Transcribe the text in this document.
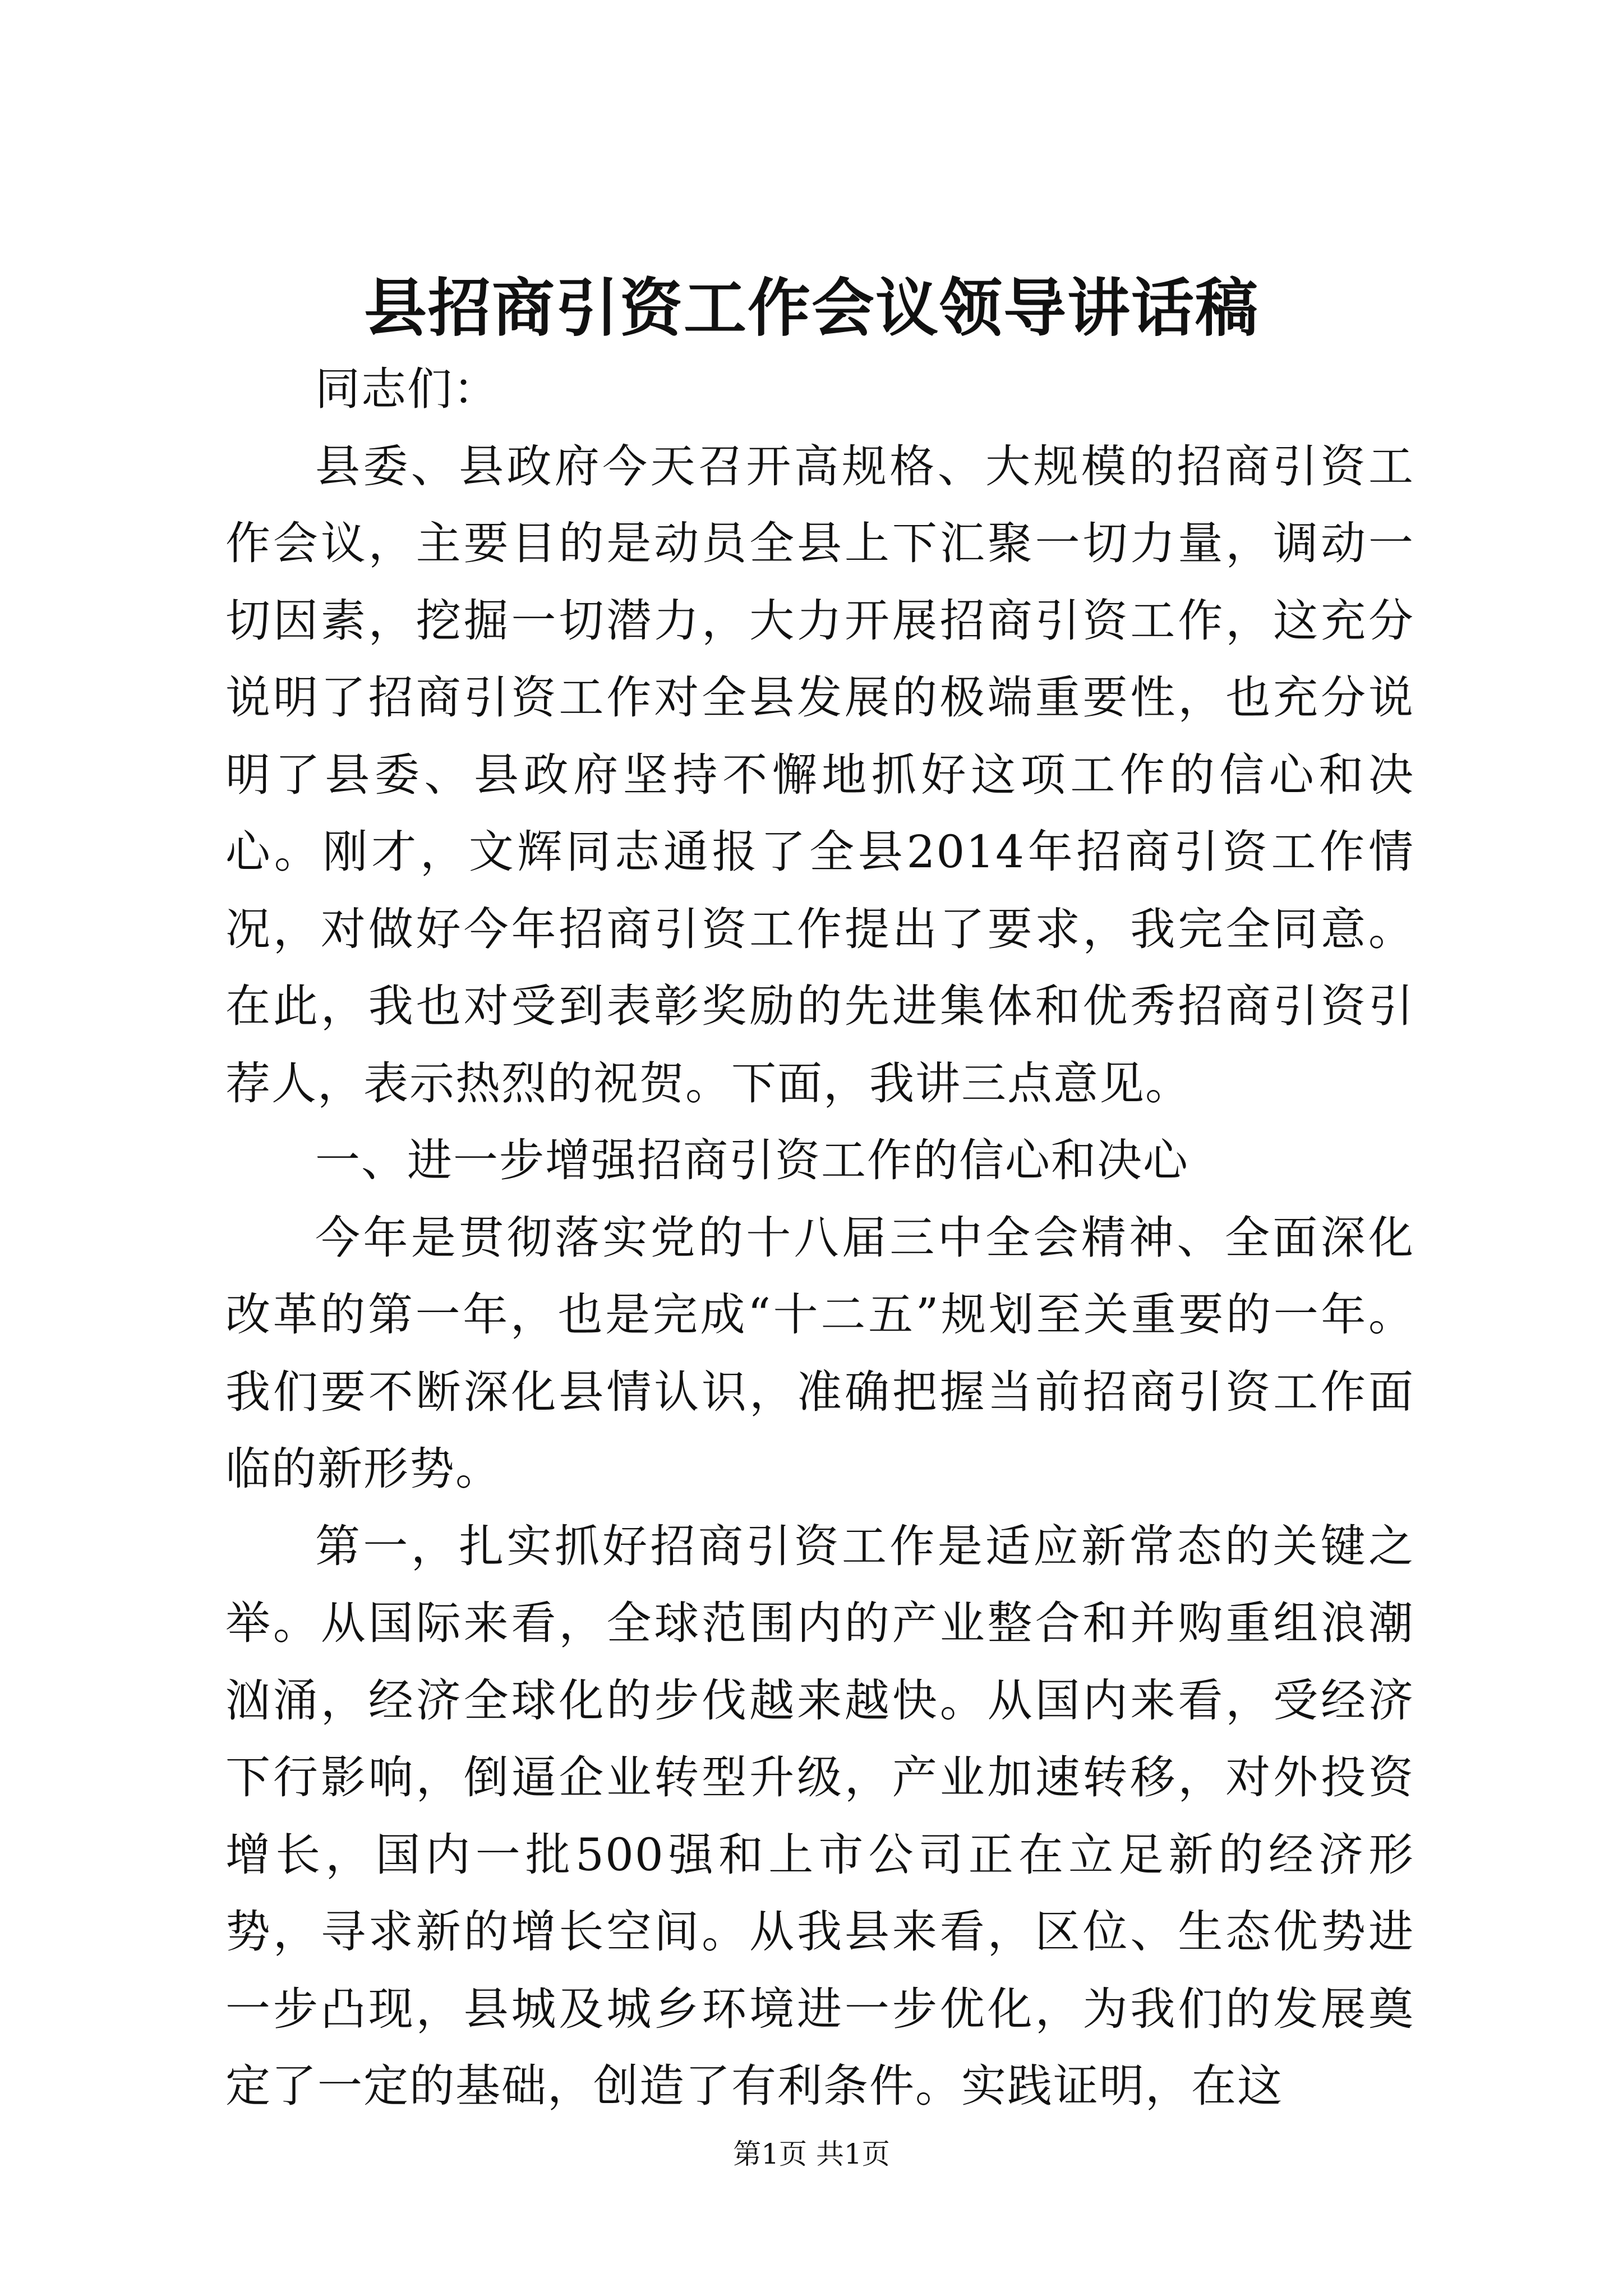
县招商引资工作会议领导讲话稿

同志们：

县委、县政府今天召开高规格、大规模的招商引资工作会议，主要目的是动员全县上下汇聚一切力量，调动一切因素，挖掘一切潜力，大力开展招商引资工作，这充分说明了招商引资工作对全县发展的极端重要性，也充分说明了县委、县政府坚持不懈地抓好这项工作的信心和决心。刚才，文辉同志通报了全县2014年招商引资工作情况，对做好今年招商引资工作提出了要求，我完全同意。在此，我也对受到表彰奖励的先进集体和优秀招商引资引荐人，表示热烈的祝贺。下面，我讲三点意见。

一、进一步增强招商引资工作的信心和决心

今年是贯彻落实党的十八届三中全会精神、全面深化改革的第一年，也是完成“十二五”规划至关重要的一年。我们要不断深化县情认识，准确把握当前招商引资工作面临的新形势。

第一，扎实抓好招商引资工作是适应新常态的关键之举。从国际来看，全球范围内的产业整合和并购重组浪潮汹涌，经济全球化的步伐越来越快。从国内来看，受经济下行影响，倒逼企业转型升级，产业加速转移，对外投资增长，国内一批500强和上市公司正在立足新的经济形势，寻求新的增长空间。从我县来看，区位、生态优势进一步凸现，县城及城乡环境进一步优化，为我们的发展奠定了一定的基础，创造了有利条件。实践证明，在这

第1页 共1页
